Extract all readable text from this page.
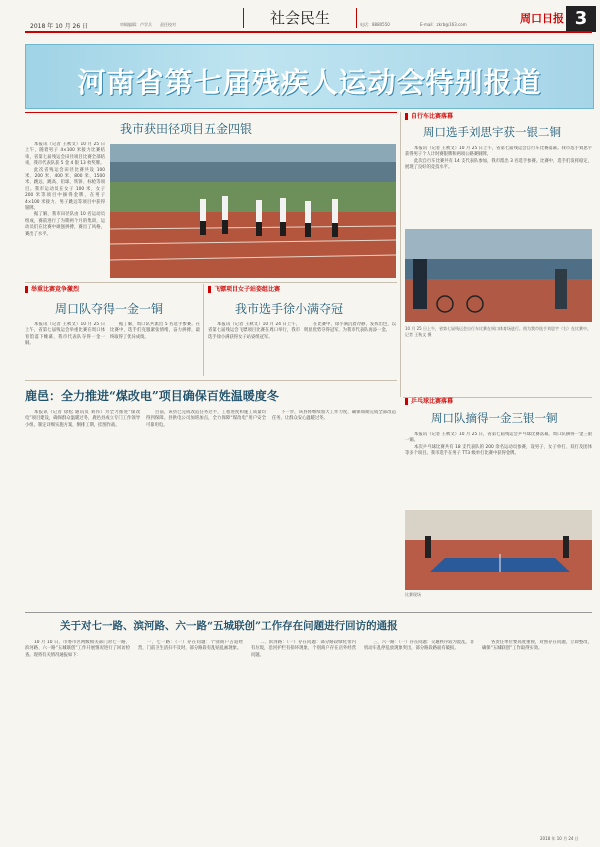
2018 年 10 月 26 日	审稿编辑：卢学兵 责任校对	社会民生	电话：8880550	E-mail：zkrb@163.com	周口日报 3
河南省第七届残疾人运动会特别报道
我市获田径项目五金四银

本报讯（记者 王秋文）10 月 25 日上午，随着男子 4×100 米接力比赛结束，省第七届残运会田径项目比赛全部结束，我市代表队获 5 金 4 银 13 枚奖牌。

此次省残运会田径比赛共设 100 米、200 米、400 米、800 米、1500 米、跳远、跳高、铅球、铁饼、标枪等项目。我市运动员在女子 100 米、女子 200 米等项目中摘得金牌，在男子 4×100 米接力、男子跳远等项目中获得银牌。

据了解，我市田径队由 10 名运动员组成，赛前进行了为期两个月的集训，运动员们在比赛中顽强拼搏，赛出了风格，赛出了水平。

自行车比赛落幕
周口选手刘思宇获一银二铜

本报讯（记者 王秋文）10 月 25 日上午，省第七届残运会自行车比赛落幕。我市选手刘思宇获得男子个人计时赛银牌和两项公路赛铜牌。

此次自行车比赛共有 14 支代表队参加，我市派出 3 名选手参赛。比赛中，选手们发挥稳定，展现了良好的竞技水平。

10 月 25 日上午，省第七届残运会自行车比赛在周口体育场进行。图为我市选手刘思宇（右）在比赛中。记者 王秋文 摄
举重比赛竞争激烈
周口队夺得一金一铜

本报讯（记者 王秋文）10 月 25 日上午，省第七届残运会举重比赛在周口体育馆落下帷幕，我市代表队夺得一金一铜。

据了解，周口队共派出 5 名选手参赛。在比赛中，选手们克服紧张情绪，奋力拼搏，最终取得了优异成绩。

飞镖项目女子站姿组比赛
我市选手徐小满夺冠

本报讯（记者 王秋文）10 月 24 日上午，省第七届残运会飞镖项目比赛在周口举行，我市选手徐小满获得女子站姿组冠军。

在比赛中，徐小满沉着冷静，发挥出色，以明显优势夺得冠军，为我市代表队再添一金。

乒乓球比赛落幕
周口队摘得一金三银一铜

本报讯（记者 王秋文）10 月 25 日，省第七届残运会乒乓球比赛落幕，周口队摘得一金三银一铜。

本次乒乓球比赛共有 18 支代表队的 200 余名运动员参赛，设男子、女子单打、双打及团体等多个项目。我市选手在男子 TT3 级单打比赛中获得金牌。

比赛现场
鹿邑：全力推进“煤改电”项目确保百姓温暖度冬

本报讯（记者 徐松 通讯员 刘伟）为全力推进“煤改电”项目建设，确保群众温暖过冬，鹿邑县成立专门工作领导小组，制定详细实施方案，倒排工期，挂图作战。

目前，该县已完成改造任务过半，工程进度和施工质量均得到保障。县供电公司加班加点，全力保障“煤改电”用户安全可靠用电。

下一步，该县将继续加大工作力度，确保如期完成全部改造任务，让群众安心温暖过冬。

关于对七一路、滨河路、六一路“五城联创”工作存在问题进行回访的通报

10 月 10 日，市委市区两级相关部门对七一路、滨河路、六一路“五城联创”工作开展情况进行了回访检查。现将有关情况通报如下：

一、七一路：（一）存在问题：个别商户占道经营，门前卫生清扫不及时，部分路段有乱贴乱画现象。

二、滨河路：（一）存在问题：部分路段绿化带内有垃圾，沿河护栏有损坏现象，个别商户存在店外经营问题。

三、六一路：（一）存在问题：交通秩序较为混乱，非机动车乱停乱放现象突出，部分路段路面有破损。

各责任单位要高度重视，对照存在问题，立即整改，确保“五城联创”工作取得实效。

2018 年 10 月 24 日
